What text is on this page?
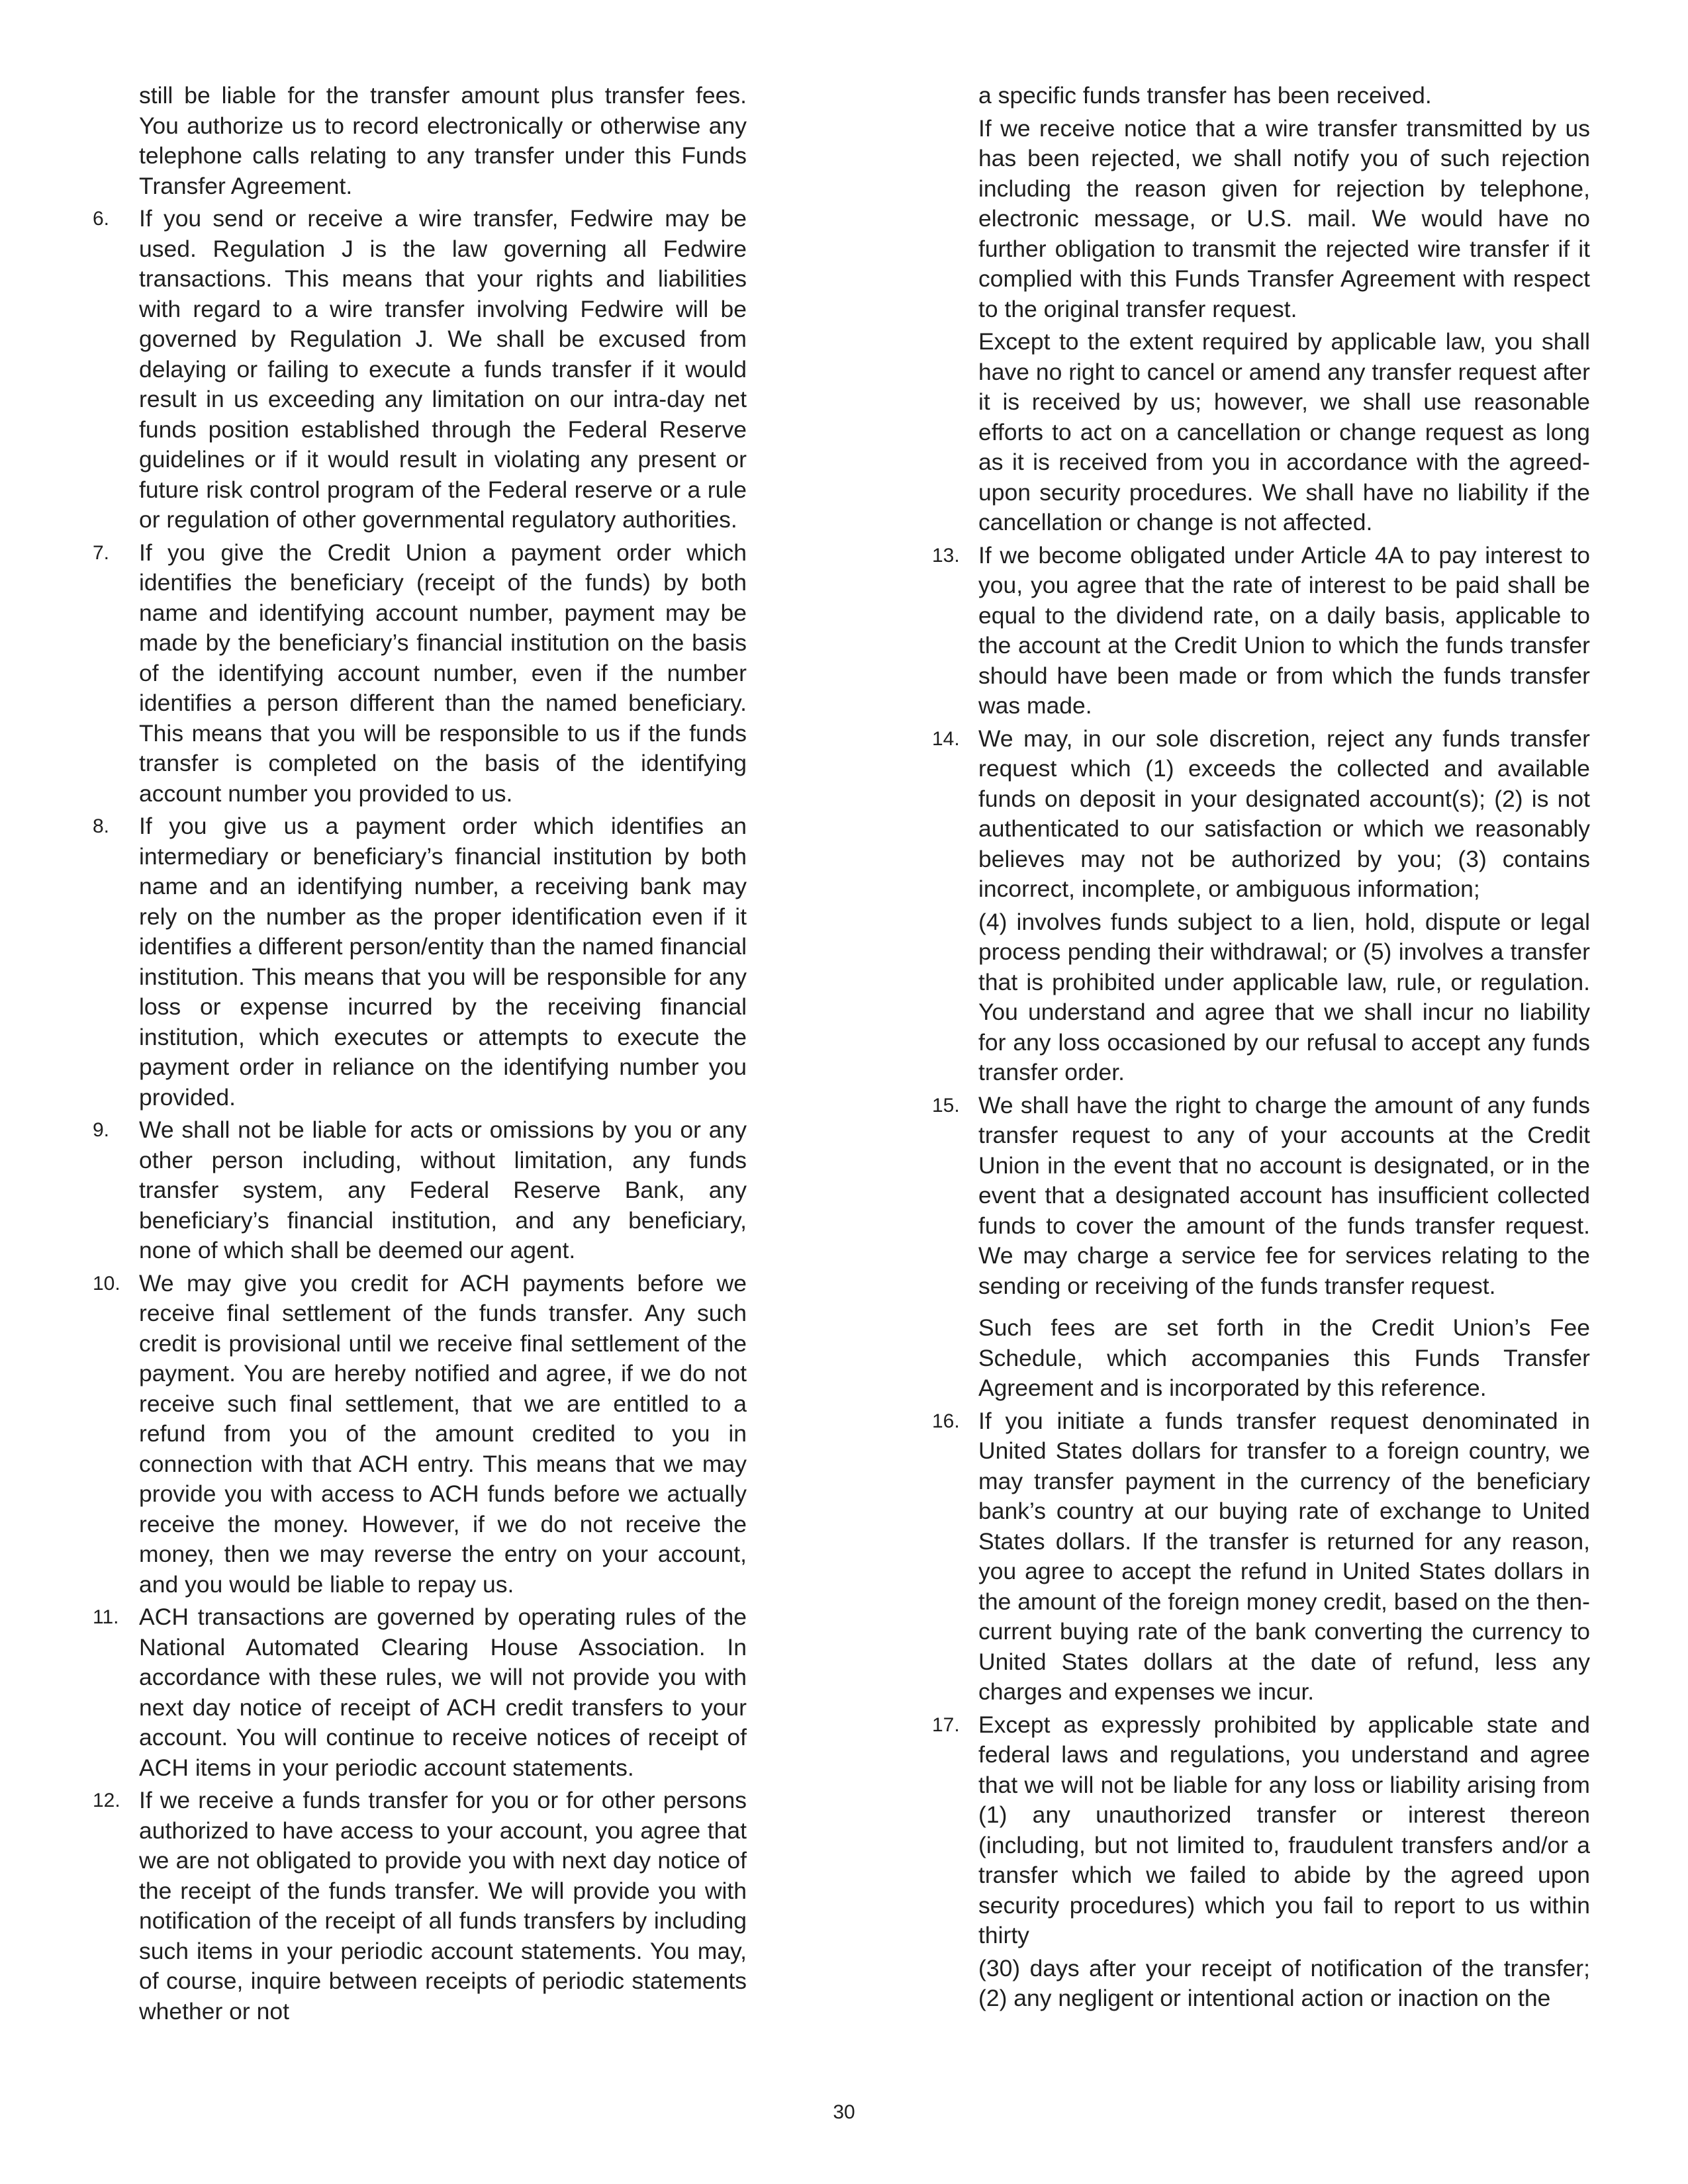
still be liable for the transfer amount plus transfer fees. You authorize us to record electronically or otherwise any telephone calls relating to any transfer under this Funds Transfer Agreement.

6.	If you send or receive a wire transfer, Fedwire may be used. Regulation J is the law governing all Fedwire transactions. This means that your rights and liabilities with regard to a wire transfer involving Fedwire will be governed by Regulation J. We shall be excused from delaying or failing to execute a funds transfer if it would result in us exceeding any limitation on our intra-day net funds position established through the Federal Reserve guidelines or if it would result in violating any present or future risk control program of the Federal reserve or a rule or regulation of other governmental regulatory authorities.
7.	If you give the Credit Union a payment order which identifies the beneficiary (receipt of the funds) by both name and identifying account number, payment may be made by the beneficiary’s financial institution on the basis of the identifying account number, even if the number identifies a person different than the named beneficiary. This means that you will be responsible to us if the funds transfer is completed on the basis of the identifying account number you provided to us.
8.	If you give us a payment order which identifies an intermediary or beneficiary’s financial institution by both name and an identifying number, a receiving bank may rely on the number as the proper identification even if it identifies a different person/entity than the named financial institution. This means that you will be responsible for any loss or expense incurred by the receiving financial institution, which executes or attempts to execute the payment order in reliance on the identifying number you provided.
9.	We shall not be liable for acts or omissions by you or any other person including, without limitation, any funds transfer system, any Federal Reserve Bank, any beneficiary’s financial institution, and any beneficiary, none of which shall be deemed our agent.
10. We may give you credit for ACH payments before we receive final settlement of the funds transfer. Any such credit is provisional until we receive final settlement of the payment. You are hereby notified and agree, if we do not receive such final settlement, that we are entitled to a refund from you of the amount credited to you in connection with that ACH entry. This means that we may provide you with access to ACH funds before we actually receive the money. However, if we do not receive the money, then we may reverse the entry on your account, and you would be liable to repay us.
11. ACH transactions are governed by operating rules of the National Automated Clearing House Association. In accordance with these rules, we will not provide you with next day notice of receipt of ACH credit transfers to your account. You will continue to receive notices of receipt of ACH items in your periodic account statements.
12. If we receive a funds transfer for you or for other persons authorized to have access to your account, you agree that we are not obligated to provide you with next day notice of the receipt of the funds transfer. We will provide you with notification of the receipt of all funds transfers by including such items in your periodic account statements. You may, of course, inquire between receipts of periodic statements whether or not

a specific funds transfer has been received.

If we receive notice that a wire transfer transmitted by us has been rejected, we shall notify you of such rejection including the reason given for rejection by telephone, electronic message, or U.S. mail. We would have no further obligation to transmit the rejected wire transfer if it complied with this Funds Transfer Agreement with respect to the original transfer request.

Except to the extent required by applicable law, you shall have no right to cancel or amend any transfer request after it is received by us; however, we shall use reasonable efforts to act on a cancellation or change request as long as it is received from you in accordance with the agreed-upon security procedures. We shall have no liability if the cancellation or change is not affected.

13. If we become obligated under Article 4A to pay interest to you, you agree that the rate of interest to be paid shall be equal to the dividend rate, on a daily basis, applicable to the account at the Credit Union to which the funds transfer should have been made or from which the funds transfer was made.
14. We may, in our sole discretion, reject any funds transfer request which (1) exceeds the collected and available funds on deposit in your designated account(s); (2) is not authenticated to our satisfaction or which we reasonably believes may not be authorized by you; (3) contains incorrect, incomplete, or ambiguous information;
(4) involves funds subject to a lien, hold, dispute or legal process pending their withdrawal; or (5) involves a transfer that is prohibited under applicable law, rule, or regulation. You understand and agree that we shall incur no liability for any loss occasioned by our refusal to accept any funds transfer order.
15. We shall have the right to charge the amount of any funds transfer request to any of your accounts at the Credit Union in the event that no account is designated, or in the event that a designated account has insufficient collected funds to cover the amount of the funds transfer request. We may charge a service fee for services relating to the sending or receiving of the funds transfer request.
Such fees are set forth in the Credit Union’s Fee Schedule, which accompanies this Funds Transfer Agreement and is incorporated by this reference.
16. If you initiate a funds transfer request denominated in United States dollars for transfer to a foreign country, we may transfer payment in the currency of the beneficiary bank’s country at our buying rate of exchange to United States dollars. If the transfer is returned for any reason, you agree to accept the refund in United States dollars in the amount of the foreign money credit, based on the then-current buying rate of the bank converting the currency to United States dollars at the date of refund, less any charges and expenses we incur.
17. Except as expressly prohibited by applicable state and federal laws and regulations, you understand and agree that we will not be liable for any loss or liability arising from (1) any unauthorized transfer or interest thereon (including, but not limited to, fraudulent transfers and/or a transfer which we failed to abide by the agreed upon security procedures) which you fail to report to us within thirty
(30) days after your receipt of notification of the transfer; (2) any negligent or intentional action or inaction on the
30
